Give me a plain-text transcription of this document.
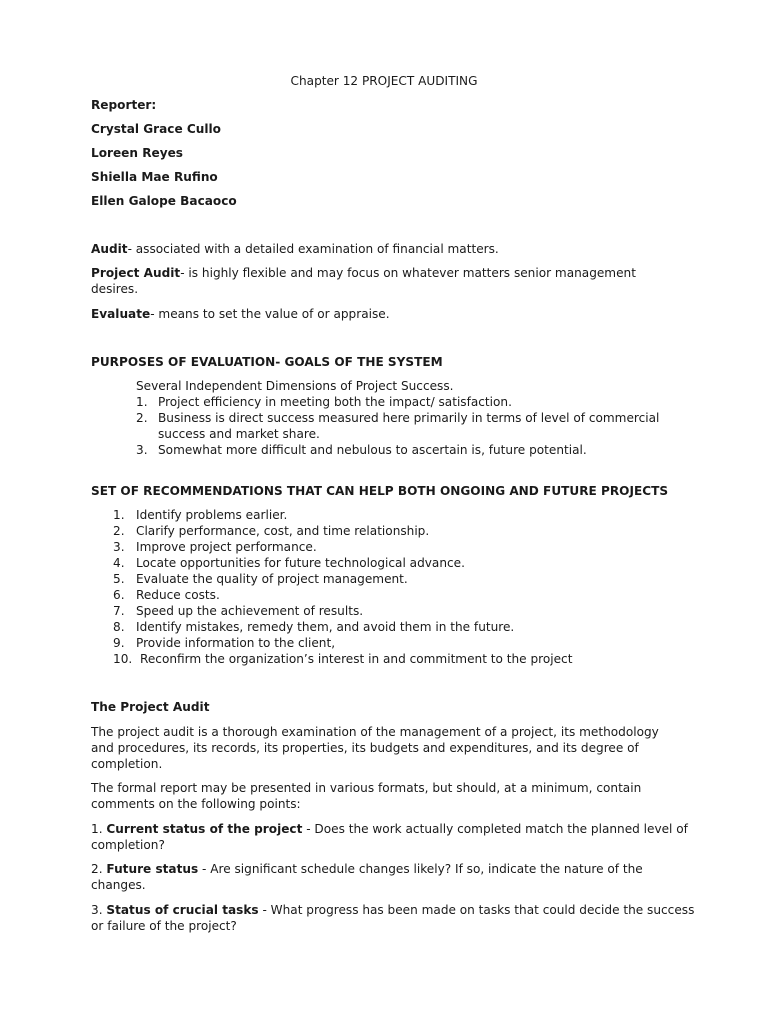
Chapter 12 PROJECT AUDITING
Reporter:
Crystal Grace Cullo
Loreen Reyes
Shiella Mae Rufino
Ellen Galope Bacaoco
Audit- associated with a detailed examination of financial matters.
Project Audit- is highly flexible and may focus on whatever matters senior management
desires.
Evaluate- means to set the value of or appraise.
PURPOSES OF EVALUATION- GOALS OF THE SYSTEM
Several Independent Dimensions of Project Success.
1. Project efficiency in meeting both the impact/ satisfaction.
2. Business is direct success measured here primarily in terms of level of commercial
success and market share.
3. Somewhat more difficult and nebulous to ascertain is, future potential.
SET OF RECOMMENDATIONS THAT CAN HELP BOTH ONGOING AND FUTURE PROJECTS
1. Identify problems earlier.
2. Clarify performance, cost, and time relationship.
3. Improve project performance.
4. Locate opportunities for future technological advance.
5. Evaluate the quality of project management.
6. Reduce costs.
7. Speed up the achievement of results.
8. Identify mistakes, remedy them, and avoid them in the future.
9. Provide information to the client,
10. Reconfirm the organization’s interest in and commitment to the project
The Project Audit
The project audit is a thorough examination of the management of a project, its methodology
and procedures, its records, its properties, its budgets and expenditures, and its degree of
completion.
The formal report may be presented in various formats, but should, at a minimum, contain
comments on the following points:
1. Current status of the project - Does the work actually completed match the planned level of
completion?
2. Future status - Are significant schedule changes likely? If so, indicate the nature of the
changes.
3. Status of crucial tasks - What progress has been made on tasks that could decide the success
or failure of the project?
